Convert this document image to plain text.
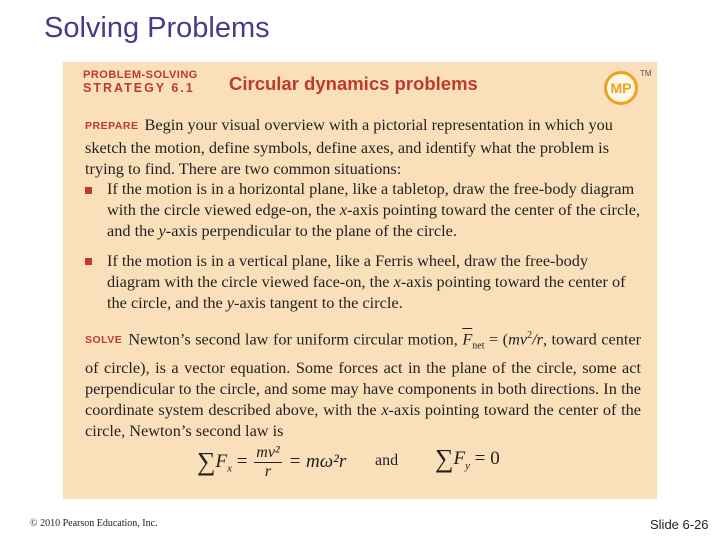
Solving Problems
PROBLEM-SOLVING
STRATEGY 6.1 Circular dynamics problems	MP
TM

PREPARE Begin your visual overview with a pictorial representation in which you sketch the motion, define symbols, define axes, and identify what the problem is trying to find. There are two common situations:

If the motion is in a horizontal plane, like a tabletop, draw the free-body diagram with the circle viewed edge-on, the x-axis pointing toward the center of the circle, and the y-axis perpendicular to the plane of the circle.

If the motion is in a vertical plane, like a Ferris wheel, draw the free-body diagram with the circle viewed face-on, the x-axis pointing toward the center of the circle, and the y-axis tangent to the circle.

SOLVE Newton’s second law for uniform circular motion, $\overline{F}_{net} = (mv^2/r$, toward center of circle), is a vector equation. Some forces act in the plane of the circle, some act perpendicular to the circle, and some may have components in both directions. In the coordinate system described above, with the x-axis pointing toward the center of the circle, Newton’s second law is

$\sum F_x = \frac{\text{mv²}}{r} = m\omega^2r$ and $\sum F_y = 0$
© 2010 Pearson Education, Inc.	Slide 6-26
